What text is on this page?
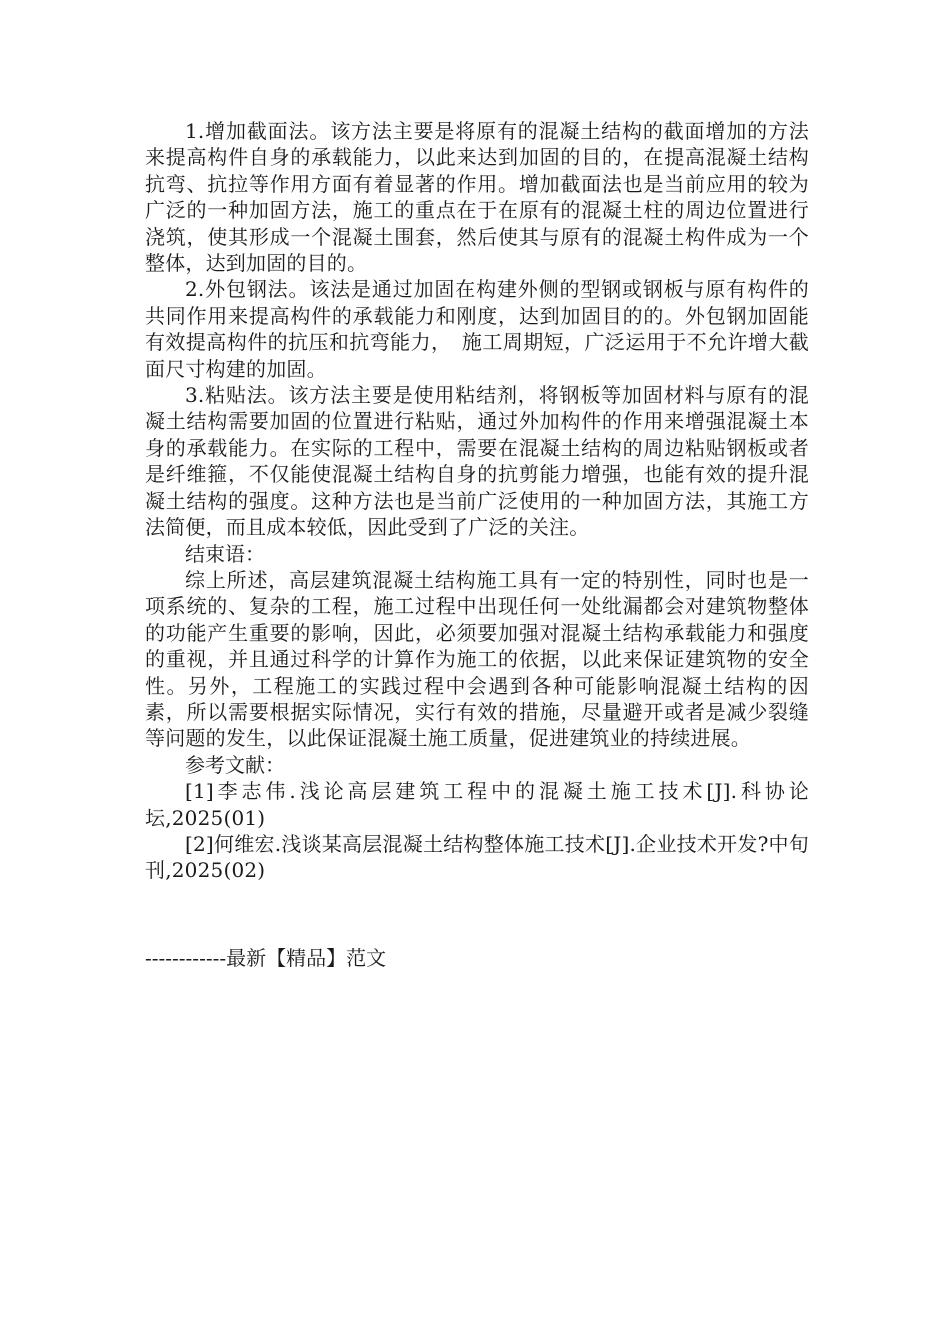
1.增加截面法。该方法主要是将原有的混凝土结构的截面增加的方法来提高构件自身的承载能力，以此来达到加固的目的，在提高混凝土结构抗弯、抗拉等作用方面有着显著的作用。增加截面法也是当前应用的较为广泛的一种加固方法，施工的重点在于在原有的混凝土柱的周边位置进行浇筑，使其形成一个混凝土围套，然后使其与原有的混凝土构件成为一个整体，达到加固的目的。

2.外包钢法。该法是通过加固在构建外侧的型钢或钢板与原有构件的共同作用来提高构件的承载能力和刚度，达到加固目的的。外包钢加固能有效提高构件的抗压和抗弯能力，　施工周期短，广泛运用于不允许增大截面尺寸构建的加固。

3.粘贴法。该方法主要是使用粘结剂，将钢板等加固材料与原有的混凝土结构需要加固的位置进行粘贴，通过外加构件的作用来增强混凝土本身的承载能力。在实际的工程中，需要在混凝土结构的周边粘贴钢板或者是纤维箍，不仅能使混凝土结构自身的抗剪能力增强，也能有效的提升混凝土结构的强度。这种方法也是当前广泛使用的一种加固方法，其施工方法简便，而且成本较低，因此受到了广泛的关注。

结束语：

综上所述，高层建筑混凝土结构施工具有一定的特别性，同时也是一项系统的、复杂的工程，施工过程中出现任何一处纰漏都会对建筑物整体的功能产生重要的影响，因此，必须要加强对混凝土结构承载能力和强度的重视，并且通过科学的计算作为施工的依据，以此来保证建筑物的安全性。另外，工程施工的实践过程中会遇到各种可能影响混凝土结构的因素，所以需要根据实际情况，实行有效的措施，尽量避开或者是减少裂缝等问题的发生，以此保证混凝土施工质量，促进建筑业的持续进展。

参考文献：

[1]李志伟.浅论高层建筑工程中的混凝土施工技术[J].科协论坛,2025(01)

[2]何维宏.浅谈某高层混凝土结构整体施工技术[J].企业技术开发?中旬刊,2025(02)

------------最新【精品】范文
